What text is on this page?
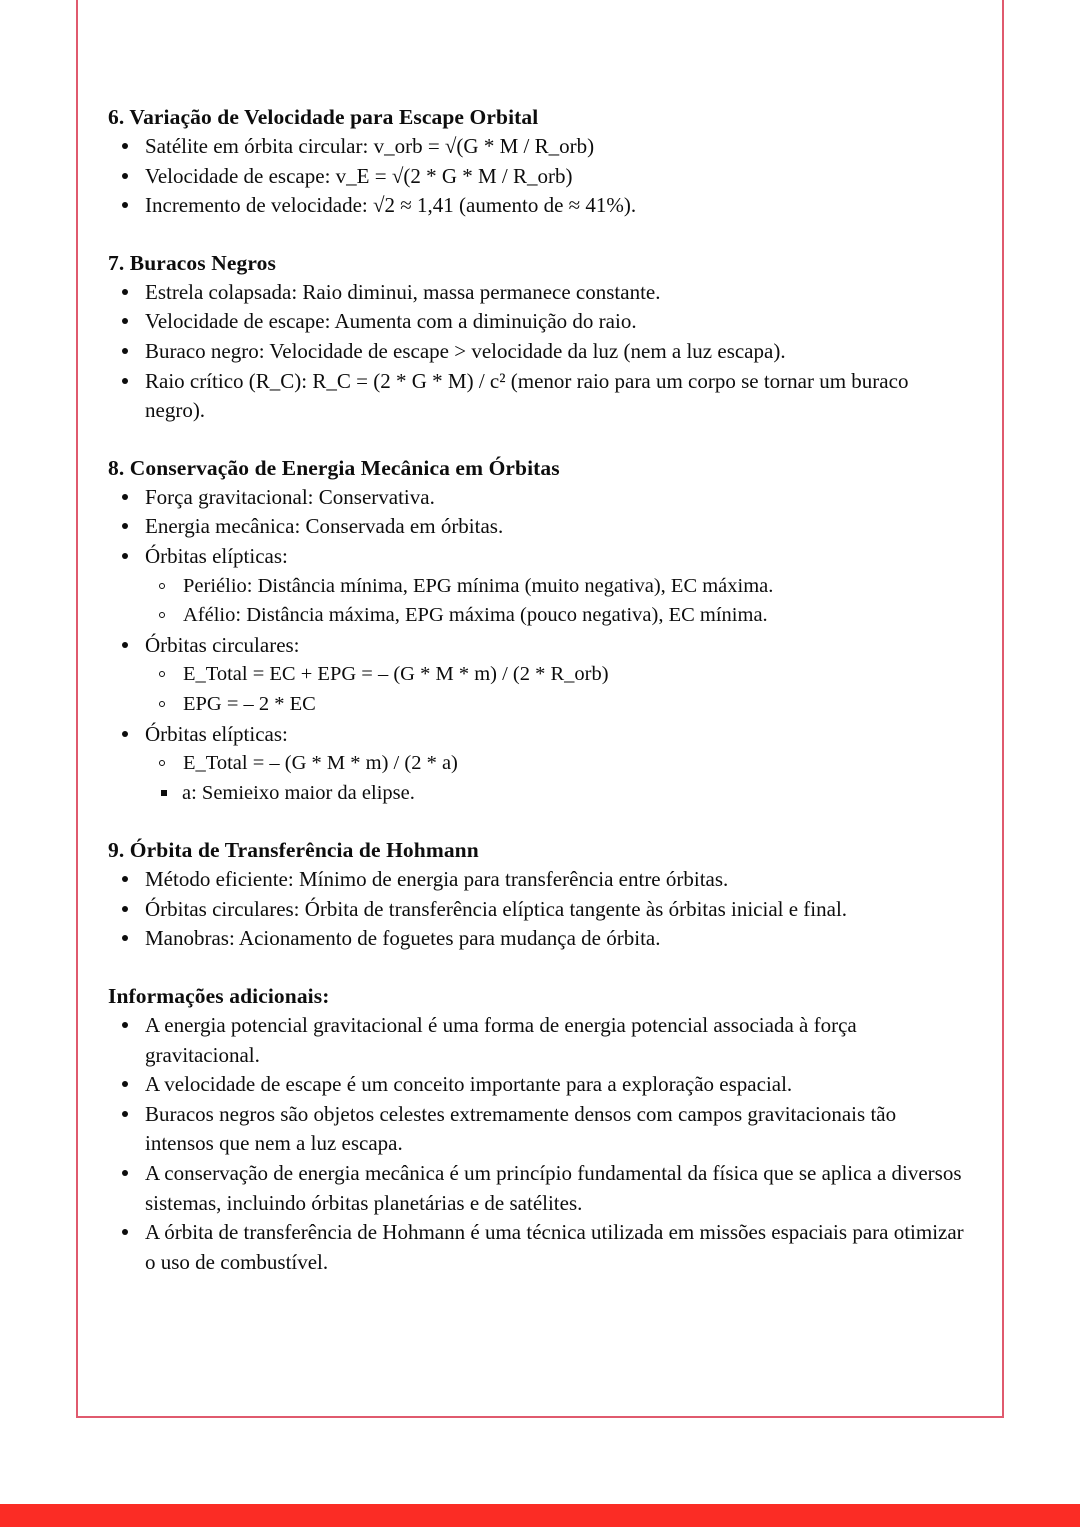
6. Variação de Velocidade para Escape Orbital
Satélite em órbita circular: v_orb = √(G * M / R_orb)
Velocidade de escape: v_E = √(2 * G * M / R_orb)
Incremento de velocidade: √2 ≈ 1,41 (aumento de ≈ 41%).
7. Buracos Negros
Estrela colapsada: Raio diminui, massa permanece constante.
Velocidade de escape: Aumenta com a diminuição do raio.
Buraco negro: Velocidade de escape > velocidade da luz (nem a luz escapa).
Raio crítico (R_C): R_C = (2 * G * M) / c² (menor raio para um corpo se tornar um buraco negro).
8. Conservação de Energia Mecânica em Órbitas
Força gravitacional: Conservativa.
Energia mecânica: Conservada em órbitas.
Órbitas elípticas:
Periélio: Distância mínima, EPG mínima (muito negativa), EC máxima.
Afélio: Distância máxima, EPG máxima (pouco negativa), EC mínima.
Órbitas circulares:
E_Total = EC + EPG = – (G * M * m) / (2 * R_orb)
EPG = – 2 * EC
Órbitas elípticas:
E_Total = – (G * M * m) / (2 * a)
a: Semieixo maior da elipse.
9. Órbita de Transferência de Hohmann
Método eficiente: Mínimo de energia para transferência entre órbitas.
Órbitas circulares: Órbita de transferência elíptica tangente às órbitas inicial e final.
Manobras: Acionamento de foguetes para mudança de órbita.
Informações adicionais:
A energia potencial gravitacional é uma forma de energia potencial associada à força gravitacional.
A velocidade de escape é um conceito importante para a exploração espacial.
Buracos negros são objetos celestes extremamente densos com campos gravitacionais tão intensos que nem a luz escapa.
A conservação de energia mecânica é um princípio fundamental da física que se aplica a diversos sistemas, incluindo órbitas planetárias e de satélites.
A órbita de transferência de Hohmann é uma técnica utilizada em missões espaciais para otimizar o uso de combustível.
